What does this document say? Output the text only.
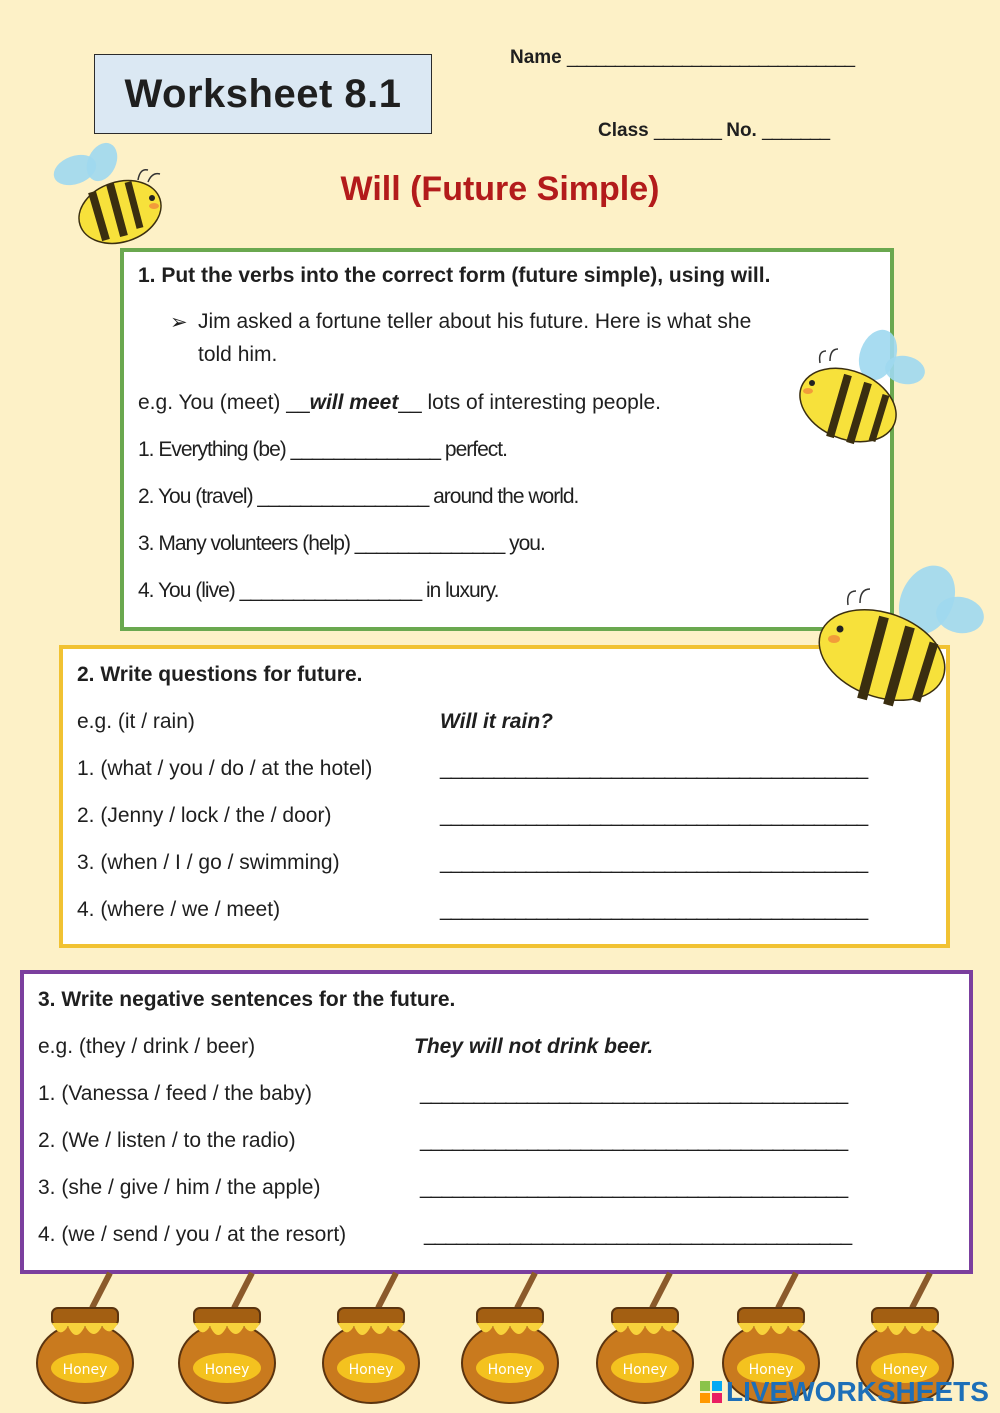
Worksheet 8.1
Name ______________________________
Class _______ No. _______
Will (Future Simple)
1. Put the verbs into the correct form (future simple), using will.
➢ Jim asked a fortune teller about his future. Here is what she
told him.
e.g. You (meet) __will meet__ lots of interesting people.
1. Everything (be) ______________ perfect.
2. You (travel) ________________ around the world.
3. Many volunteers (help) ______________ you.
4. You (live) _________________ in luxury.
2. Write questions for future.
e.g. (it / rain)	Will it rain?
1. (what / you / do / at the hotel)	________________________________________
2. (Jenny / lock / the / door)	________________________________________
3. (when / I / go / swimming)	________________________________________
4. (where / we / meet)	________________________________________
3. Write negative sentences for the future.
e.g. (they / drink / beer)	They will not drink beer.
1. (Vanessa / feed / the baby)	________________________________________
2. (We / listen / to the radio)	________________________________________
3. (she / give / him / the apple)	________________________________________
4. (we / send / you / at the resort)	________________________________________
Honey	Honey	Honey	Honey	Honey	Honey	Honey
LIVEWORKSHEETS
